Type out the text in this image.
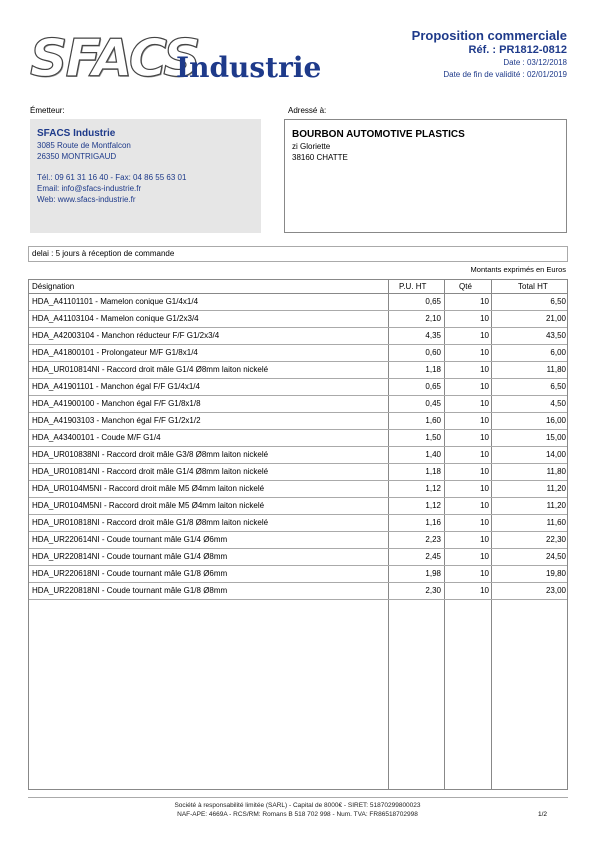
SFACS
Industrie
Proposition commerciale
Réf. : PR1812-0812
Date : 03/12/2018
Date de fin de validité : 02/01/2019
Émetteur:	Adressé à:
SFACS Industrie
3085 Route de Montfalcon
26350 MONTRIGAUD
Tél.: 09 61 31 16 40 - Fax: 04 86 55 63 01
Email: info@sfacs-industrie.fr
Web: www.sfacs-industrie.fr
BOURBON AUTOMOTIVE PLASTICS
zi Gloriette
38160 CHATTE
delai : 5 jours à réception de commande
Montants exprimés en Euros
Désignation	P.U. HT	Qté	Total HT
HDA_A41101101 - Mamelon conique G1/4x1/4	0,65	10	6,50
HDA_A41103104 - Mamelon conique G1/2x3/4	2,10	10	21,00
HDA_A42003104 - Manchon réducteur F/F G1/2x3/4	4,35	10	43,50
HDA_A41800101 - Prolongateur M/F G1/8x1/4	0,60	10	6,00
HDA_UR010814NI - Raccord droit mâle G1/4 Ø8mm laiton nickelé	1,18	10	11,80
HDA_A41901101 - Manchon égal F/F G1/4x1/4	0,65	10	6,50
HDA_A41900100 - Manchon égal F/F G1/8x1/8	0,45	10	4,50
HDA_A41903103 - Manchon égal F/F G1/2x1/2	1,60	10	16,00
HDA_A43400101 - Coude M/F G1/4	1,50	10	15,00
HDA_UR010838NI - Raccord droit mâle G3/8 Ø8mm laiton nickelé	1,40	10	14,00
HDA_UR010814NI - Raccord droit mâle G1/4 Ø8mm laiton nickelé	1,18	10	11,80
HDA_UR0104M5NI - Raccord droit mâle M5 Ø4mm laiton nickelé	1,12	10	11,20
HDA_UR0104M5NI - Raccord droit mâle M5 Ø4mm laiton nickelé	1,12	10	11,20
HDA_UR010818NI - Raccord droit mâle G1/8 Ø8mm laiton nickelé	1,16	10	11,60
HDA_UR220614NI - Coude tournant mâle G1/4 Ø6mm	2,23	10	22,30
HDA_UR220814NI - Coude tournant mâle G1/4 Ø8mm	2,45	10	24,50
HDA_UR220618NI - Coude tournant mâle G1/8 Ø6mm	1,98	10	19,80
HDA_UR220818NI - Coude tournant mâle G1/8 Ø8mm	2,30	10	23,00
Société à responsabilité limitée (SARL) - Capital de 8000€ - SIRET: 51870299800023
NAF-APE: 4669A - RCS/RM: Romans B 518 702 998 - Num. TVA: FR86518702998	1/2
